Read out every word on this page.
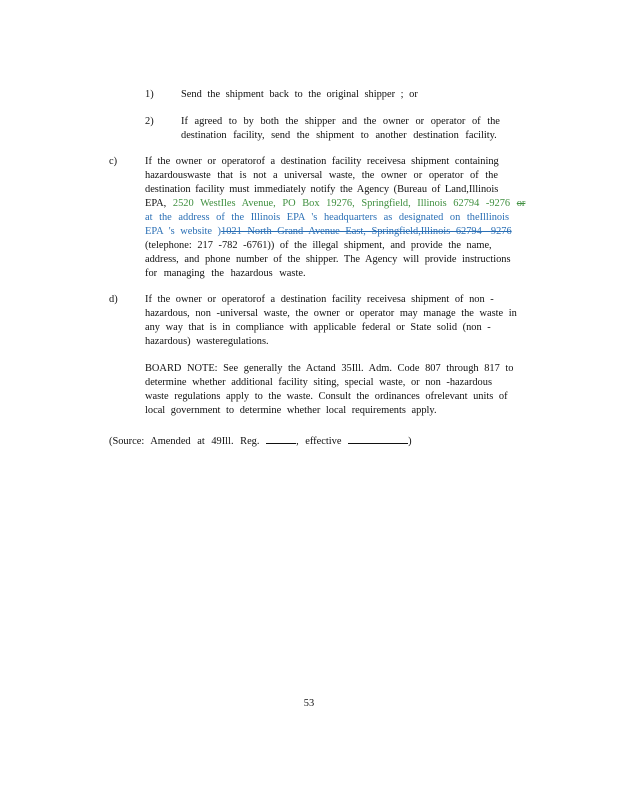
1)	Send the shipment back to the original shipper ; or
2)	If agreed to by both the shipper and the owner or operator of the
destination facility, send the shipment to another destination facility.
c)	If the owner or operatorof a destination facility receivesa shipment containing
hazardouswaste that is not a universal waste, the owner or operator of the
destination facility must immediately notify the Agency (Bureau of Land,Illinois
EPA, 2520 WestIles Avenue, PO Box 19276, Springfield, Illinois 62794 -9276 or
at the address of the Illinois EPA 's headquarters as designated on theIllinois
EPA 's website )1021 North Grand Avenue East, Springfield,Illinois 62794 -9276
(telephone: 217 -782 -6761)) of the illegal shipment, and provide the name,
address, and phone number of the shipper. The Agency will provide instructions
for managing the hazardous waste.
d)	If the owner or operatorof a destination facility receivesa shipment of non -
hazardous, non -universal waste, the owner or operator may manage the waste in
any way that is in compliance with applicable federal or State solid (non -
hazardous) wasteregulations.
BOARD NOTE: See generally the Actand 35Ill. Adm. Code 807 through 817 to
determine whether additional facility siting, special waste, or non -hazardous
waste regulations apply to the waste. Consult the ordinances ofrelevant units of
local government to determine whether local requirements apply.
(Source: Amended at 49Ill. Reg.	, effective	)
53
